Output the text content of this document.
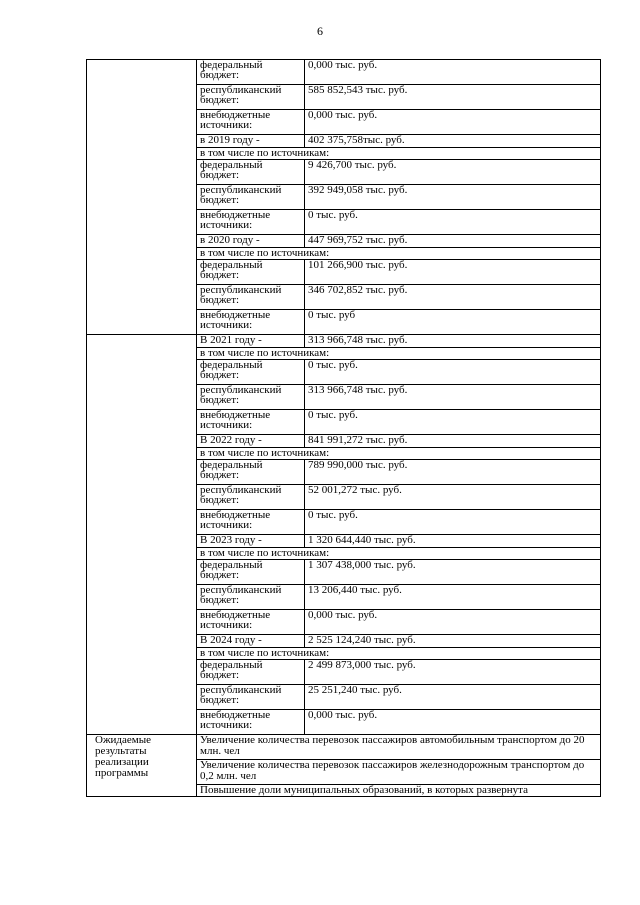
6
	федеральный бюджет:	0,000 тыс. руб.
	республиканский бюджет:	585 852,543 тыс. руб.
	внебюджетные источники:	0,000 тыс. руб.
	в 2019 году -	402 375,758тыс. руб.
	в том числе по источникам:	
	федеральный бюджет:	9 426,700 тыс. руб.
	республиканский бюджет:	392 949,058 тыс. руб.
	внебюджетные источники:	0 тыс. руб.
	в 2020 году -	447 969,752 тыс. руб.
	в том числе по источникам:	
	федеральный бюджет:	101 266,900 тыс. руб.
	республиканский бюджет:	346 702,852 тыс. руб.
	внебюджетные источники:	0 тыс. руб
	В 2021 году -	313 966,748 тыс. руб.
	в том числе по источникам:	
	федеральный бюджет:	0 тыс. руб.
	республиканский бюджет:	313 966,748 тыс. руб.
	внебюджетные источники:	0 тыс. руб.
	В 2022 году -	841 991,272 тыс. руб.
	в том числе по источникам:	
	федеральный бюджет:	789 990,000 тыс. руб.
	республиканский бюджет:	52 001,272 тыс. руб.
	внебюджетные источники:	0 тыс. руб.
	В 2023 году -	1 320 644,440 тыс. руб.
	в том числе по источникам:	
	федеральный бюджет:	1 307 438,000 тыс. руб.
	республиканский бюджет:	13 206,440 тыс. руб.
	внебюджетные источники:	0,000 тыс. руб.
	В 2024 году -	2 525 124,240 тыс. руб.
	в том числе по источникам:	
	федеральный бюджет:	2 499 873,000 тыс. руб.
	республиканский бюджет:	25 251,240 тыс. руб.
	внебюджетные источники:	0,000 тыс. руб.
Ожидаемые результаты реализации программы	Увеличение количества перевозок пассажиров автомобильным транспортом до 20 млн. чел	
	Увеличение количества перевозок пассажиров железнодорожным транспортом до 0,2 млн. чел	
	Повышение доли муниципальных образований, в которых развернута	
